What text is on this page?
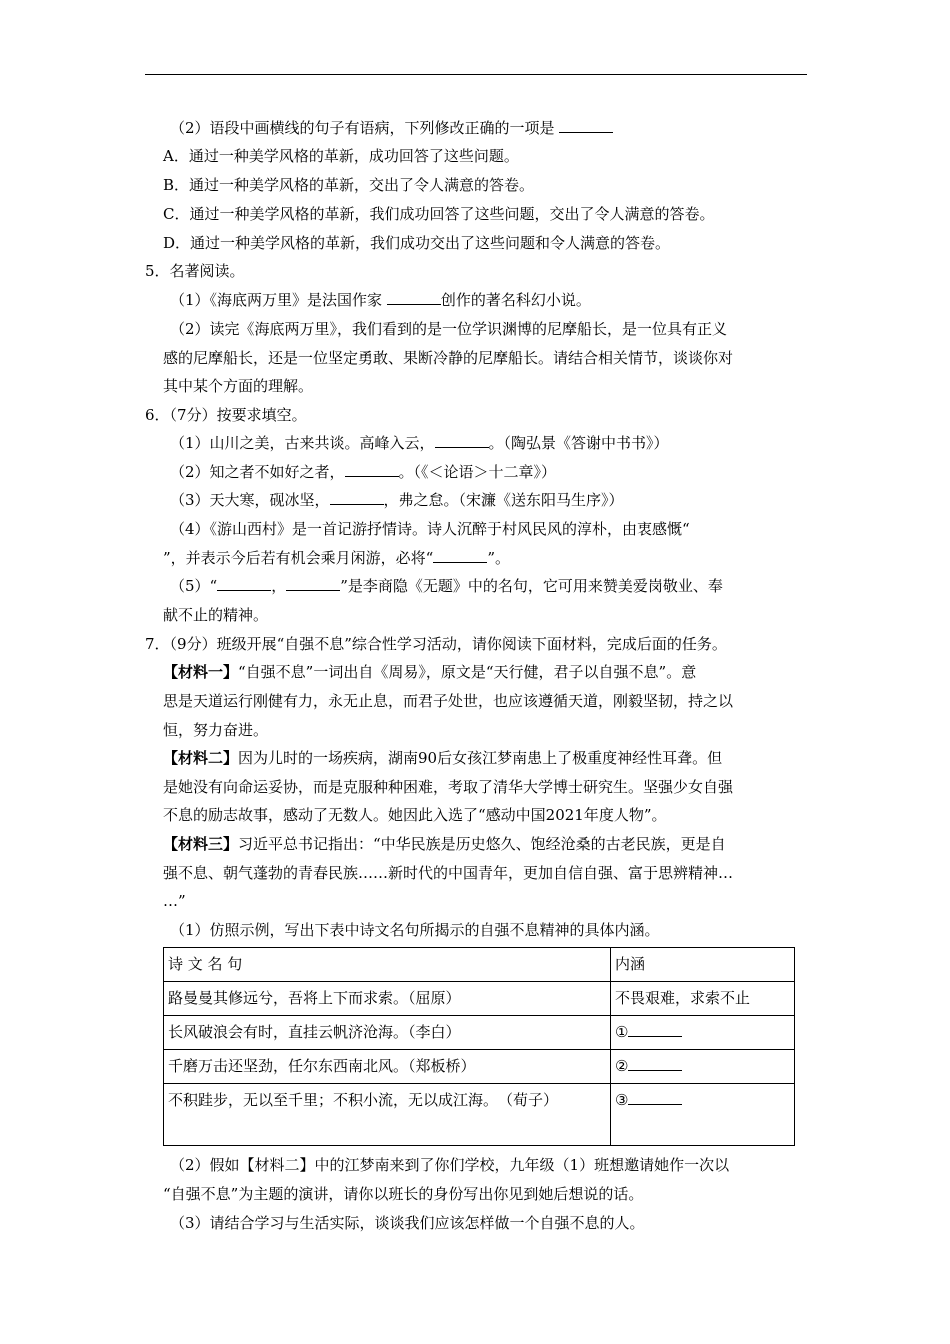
（2）语段中画横线的句子有语病，下列修改正确的一项是
A．通过一种美学风格的革新，成功回答了这些问题。
B．通过一种美学风格的革新，交出了令人满意的答卷。
C．通过一种美学风格的革新，我们成功回答了这些问题，交出了令人满意的答卷。
D．通过一种美学风格的革新，我们成功交出了这些问题和令人满意的答卷。
5．名著阅读。
（1）《海底两万里》是法国作家	创作的著名科幻小说。
（2）读完《海底两万里》，我们看到的是一位学识渊博的尼摩船长，是一位具有正义
感的尼摩船长，还是一位坚定勇敢、果断冷静的尼摩船长。请结合相关情节，谈谈你对
其中某个方面的理解。
6．（7分）按要求填空。
（1）山川之美，古来共谈。高峰入云，	。（陶弘景《答谢中书书》）
（2）知之者不如好之者，	。（《＜论语＞十二章》）
（3）天大寒，砚冰坚，	，弗之怠。（宋濂《送东阳马生序》）
（4）《游山西村》是一首记游抒情诗。诗人沉醉于村风民风的淳朴，由衷感慨“
”，并表示今后若有机会乘月闲游，必将“	”。
（5）“	，	”是李商隐《无题》中的名句，它可用来赞美爱岗敬业、奉
献不止的精神。
7．（9分）班级开展“自强不息”综合性学习活动，请你阅读下面材料，完成后面的任务。
【材料一】“自强不息”一词出自《周易》，原文是“天行健，君子以自强不息”。意
思是天道运行刚健有力，永无止息，而君子处世，也应该遵循天道，刚毅坚韧，持之以
恒，努力奋进。
【材料二】因为儿时的一场疾病，湖南90后女孩江梦南患上了极重度神经性耳聋。但
是她没有向命运妥协，而是克服种种困难，考取了清华大学博士研究生。坚强少女自强
不息的励志故事，感动了无数人。她因此入选了“感动中国2021年度人物”。
【材料三】习近平总书记指出：“中华民族是历史悠久、饱经沧桑的古老民族，更是自
强不息、朝气蓬勃的青春民族……新时代的中国青年，更加自信自强、富于思辨精神…
…”
（1）仿照示例，写出下表中诗文名句所揭示的自强不息精神的具体内涵。
诗 文 名 句	内涵
路曼曼其修远兮，吾将上下而求索。（屈原）	不畏艰难，求索不止
长风破浪会有时，直挂云帆济沧海。（李白）	①
千磨万击还坚劲，任尔东西南北风。（郑板桥）	②

不积跬步，无以至千里；不积小流，无以成江海。　（荀子）	③
（2）假如【材料二】中的江梦南来到了你们学校，九年级（1）班想邀请她作一次以
“自强不息”为主题的演讲，请你以班长的身份写出你见到她后想说的话。
（3）请结合学习与生活实际，谈谈我们应该怎样做一个自强不息的人。
